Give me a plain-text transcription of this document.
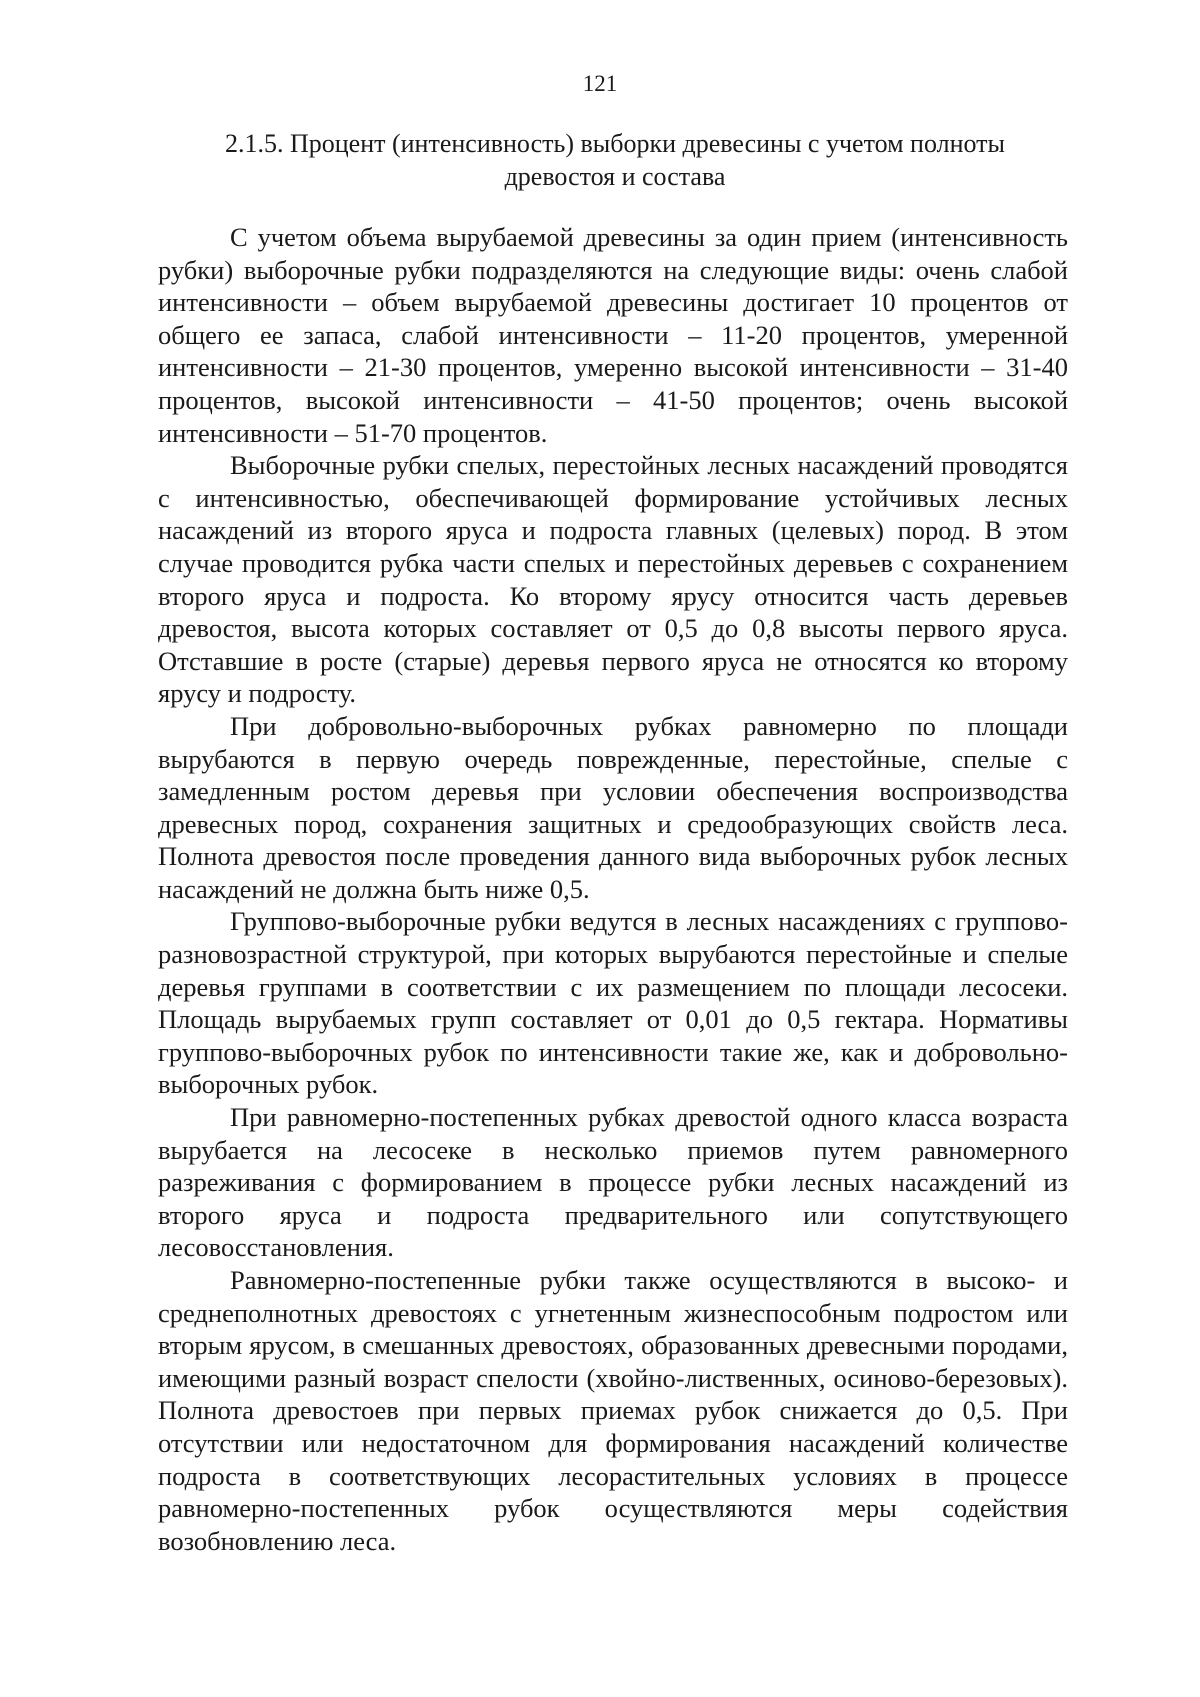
121
2.1.5. Процент (интенсивность) выборки древесины с учетом полноты древостоя и состава

С учетом объема вырубаемой древесины за один прием (интенсивность рубки) выборочные рубки подразделяются на следующие виды: очень слабой интенсивности – объем вырубаемой древесины достигает 10 процентов от общего ее запаса, слабой интенсивности – 11-20 процентов, умеренной интенсивности – 21-30 процентов, умеренно высокой интенсивности – 31-40 процентов, высокой интенсивности – 41-50 процентов; очень высокой интенсивности – 51-70 процентов.

Выборочные рубки спелых, перестойных лесных насаждений проводятся с интенсивностью, обеспечивающей формирование устойчивых лесных насаждений из второго яруса и подроста главных (целевых) пород. В этом случае проводится рубка части спелых и перестойных деревьев с сохранением второго яруса и подроста. Ко второму ярусу относится часть деревьев древостоя, высота которых составляет от 0,5 до 0,8 высоты первого яруса. Отставшие в росте (старые) деревья первого яруса не относятся ко второму ярусу и подросту.

При добровольно-выборочных рубках равномерно по площади вырубаются в первую очередь поврежденные, перестойные, спелые с замедленным ростом деревья при условии обеспечения воспроизводства древесных пород, сохранения защитных и средообразующих свойств леса. Полнота древостоя после проведения данного вида выборочных рубок лесных насаждений не должна быть ниже 0,5.

Группово-выборочные рубки ведутся в лесных насаждениях с группово-разновозрастной структурой, при которых вырубаются перестойные и спелые деревья группами в соответствии с их размещением по площади лесосеки. Площадь вырубаемых групп составляет от 0,01 до 0,5 гектара. Нормативы группово-выборочных рубок по интенсивности такие же, как и добровольно-выборочных рубок.

При равномерно-постепенных рубках древостой одного класса возраста вырубается на лесосеке в несколько приемов путем равномерного разреживания с формированием в процессе рубки лесных насаждений из второго яруса и подроста предварительного или сопутствующего лесовосстановления.

Равномерно-постепенные рубки также осуществляются в высоко- и среднеполнотных древостоях с угнетенным жизнеспособным подростом или вторым ярусом, в смешанных древостоях, образованных древесными породами, имеющими разный возраст спелости (хвойно-лиственных, осиново-березовых). Полнота древостоев при первых приемах рубок снижается до 0,5. При отсутствии или недостаточном для формирования насаждений количестве подроста в соответствующих лесорастительных условиях в процессе равномерно-постепенных рубок осуществляются меры содействия возобновлению леса.
